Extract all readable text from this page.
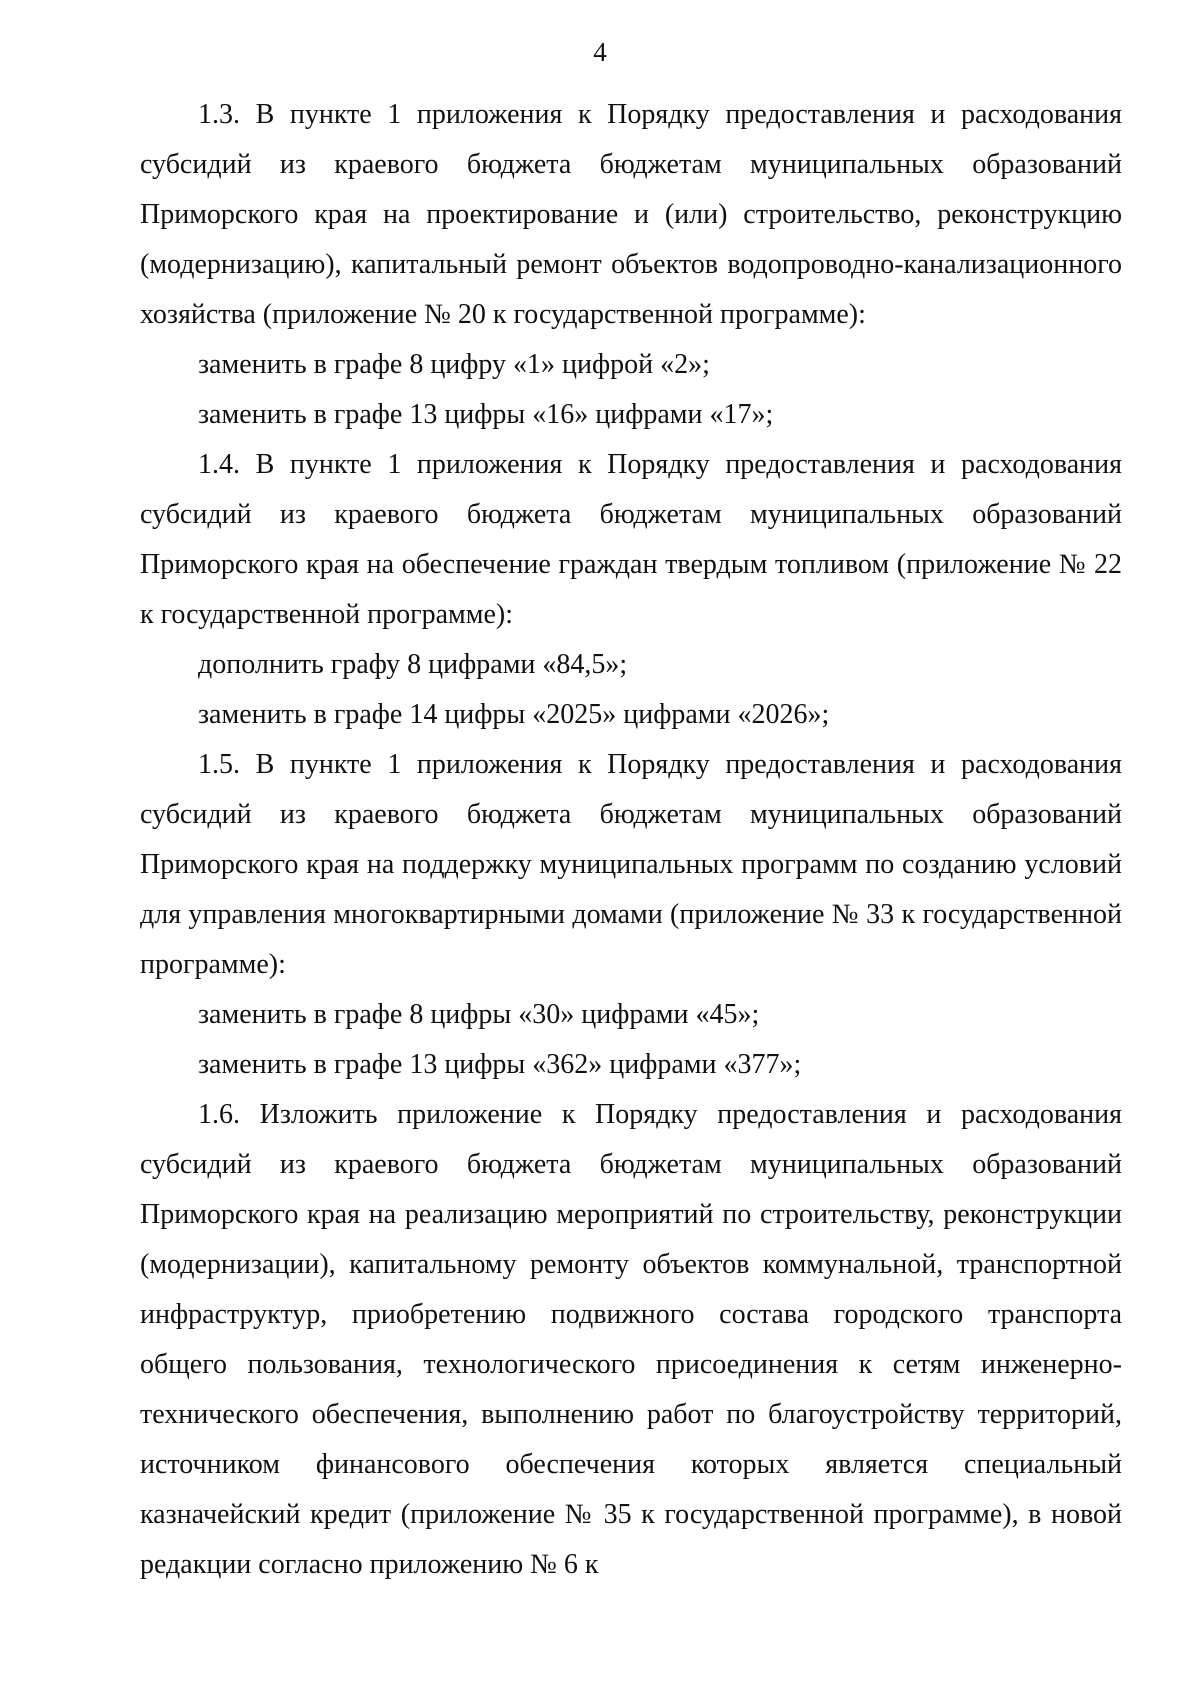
4

1.3. В пункте 1 приложения к Порядку предоставления и расходования субсидий из краевого бюджета бюджетам муниципальных образований Приморского края на проектирование и (или) строительство, реконструкцию (модернизацию), капитальный ремонт объектов водопроводно-канализационного хозяйства (приложение № 20 к государственной программе):

заменить в графе 8 цифру «1» цифрой «2»;

заменить в графе 13 цифры «16» цифрами «17»;

1.4. В пункте 1 приложения к Порядку предоставления и расходования субсидий из краевого бюджета бюджетам муниципальных образований Приморского края на обеспечение граждан твердым топливом (приложение № 22 к государственной программе):

дополнить графу 8 цифрами «84,5»;

заменить в графе 14 цифры «2025» цифрами «2026»;

1.5. В пункте 1 приложения к Порядку предоставления и расходования субсидий из краевого бюджета бюджетам муниципальных образований Приморского края на поддержку муниципальных программ по созданию условий для управления многоквартирными домами (приложение № 33 к государственной программе):

заменить в графе 8 цифры «30» цифрами «45»;

заменить в графе 13 цифры «362» цифрами «377»;

1.6. Изложить приложение к Порядку предоставления и расходования субсидий из краевого бюджета бюджетам муниципальных образований Приморского края на реализацию мероприятий по строительству, реконструкции (модернизации), капитальному ремонту объектов коммунальной, транспортной инфраструктур, приобретению подвижного состава городского транспорта общего пользования, технологического присоединения к сетям инженерно-технического обеспечения, выполнению работ по благоустройству территорий, источником финансового обеспечения которых является специальный казначейский кредит (приложение № 35 к государственной программе), в новой редакции согласно приложению № 6 к
